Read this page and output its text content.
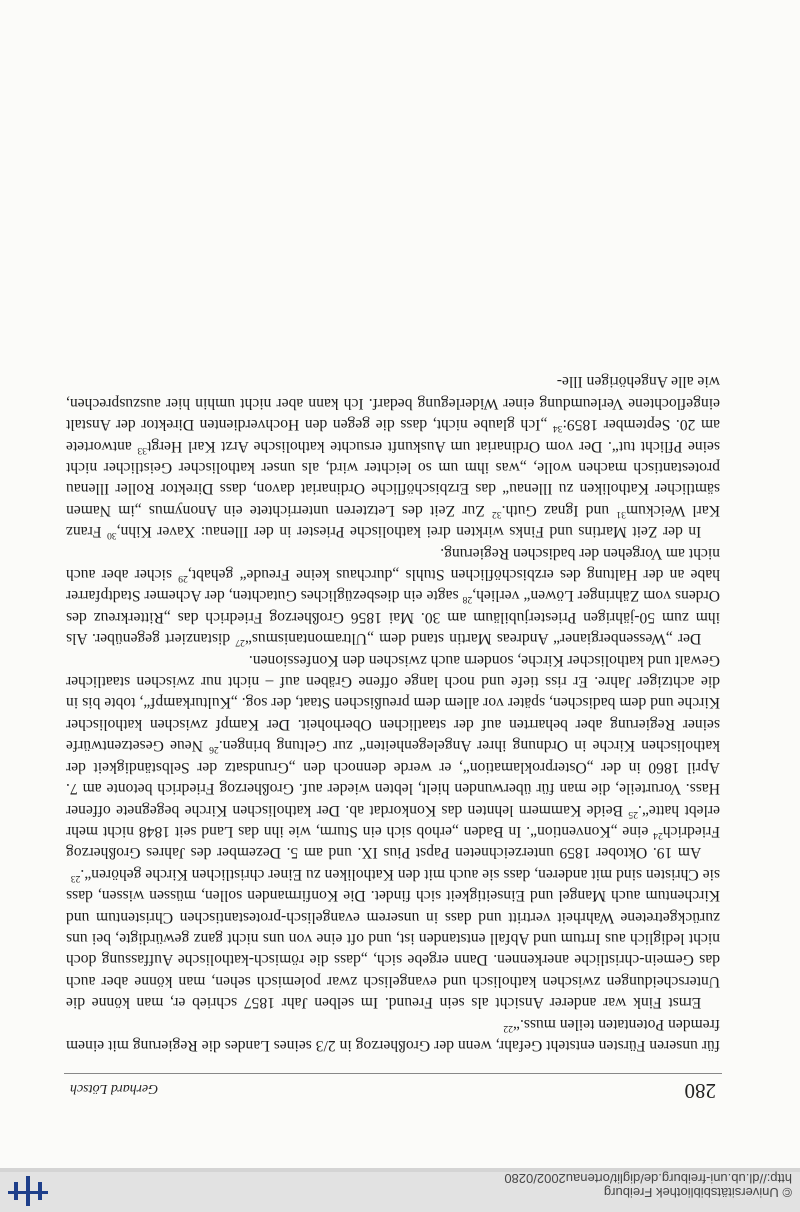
© Universitätsbibliothek Freiburg
http://dl.ub.uni-freiburg.de/diglit/ortenau2002/0280
280
Gerhard Lötsch

für unseren Fürsten entsteht Gefahr, wenn der Großherzog in 2/3 seines Landes die Regierung mit einem fremden Potentaten teilen muss.“$^{22}$

Ernst Fink war anderer Ansicht als sein Freund. Im selben Jahr 1857 schrieb er, man könne die Unterscheidungen zwischen katholisch und evangelisch zwar polemisch sehen, man könne aber auch das Gemein-christliche anerkennen. Dann ergebe sich, „dass die römisch-katholische Auffassung doch nicht lediglich aus Irrtum und Abfall entstanden ist, und oft eine von uns nicht ganz gewürdigte, bei uns zurückgetretene Wahrheit vertritt und dass in unserem evangelisch-protestantischen Christentum und Kirchentum auch Mangel und Einseitigkeit sich findet. Die Konfirmanden sollen, müssen wissen, dass sie Christen sind mit anderen, dass sie auch mit den Katholiken zu Einer christlichen Kirche gehören“.$^{23}$

Am 19. Oktober 1859 unterzeichneten Papst Pius IX. und am 5. Dezember des Jahres Großherzog Friedrich$^{24}$ eine „Konvention“. In Baden „erhob sich ein Sturm, wie ihn das Land seit 1848 nicht mehr erlebt hatte“.$^{25}$ Beide Kammern lehnten das Konkordat ab. Der katholischen Kirche begegnete offener Hass. Vorurteile, die man für überwunden hielt, lebten wieder auf. Großherzog Friedrich betonte am 7. April 1860 in der „Osterproklamation“, er werde dennoch den „Grundsatz der Selbständigkeit der katholischen Kirche in Ordnung ihrer Angelegenheiten“ zur Geltung bringen.$^{26}$ Neue Gesetzentwürfe seiner Regierung aber beharrten auf der staatlichen Oberhoheit. Der Kampf zwischen katholischer Kirche und dem badischen, später vor allem dem preußischen Staat, der sog. „Kulturkampf“, tobte bis in die achtziger Jahre. Er riss tiefe und noch lange offene Gräben auf – nicht nur zwischen staatlicher Gewalt und katholischer Kirche, sondern auch zwischen den Konfessionen.

Der „Wessenbergianer“ Andreas Martin stand dem „Ultramontanismus“$^{27}$ distanziert gegenüber. Als ihm zum 50-jährigen Priesterjubiläum am 30. Mai 1856 Großherzog Friedrich das „Ritterkreuz des Ordens vom Zähringer Löwen“ verlieh,$^{28}$ sagte ein diesbezügliches Gutachten, der Achemer Stadtpfarrer habe an der Haltung des erzbischöflichen Stuhls „durchaus keine Freude“ gehabt,$^{29}$ sicher aber auch nicht am Vorgehen der badischen Regierung.

In der Zeit Martins und Finks wirkten drei katholische Priester in der Illenau: Xaver Kihn,$^{30}$ Franz Karl Weickum$^{31}$ und Ignaz Guth.$^{32}$ Zur Zeit des Letzteren unterrichtete ein Anonymus „im Namen sämtlicher Katholiken zu Illenau“ das Erzbischöfliche Ordinariat davon, dass Direktor Roller Illenau protestantisch machen wolle, „was ihm um so leichter wird, als unser katholischer Geistlicher nicht seine Pflicht tut“. Der vom Ordinariat um Auskunft ersuchte katholische Arzt Karl Hergt$^{33}$ antwortete am 20. September 1859:$^{34}$ „Ich glaube nicht, dass die gegen den Hochverdienten Direktor der Anstalt eingeflochtene Verleumdung einer Widerlegung bedarf. Ich kann aber nicht umhin hier auszusprechen, wie alle Angehörigen Ille-
